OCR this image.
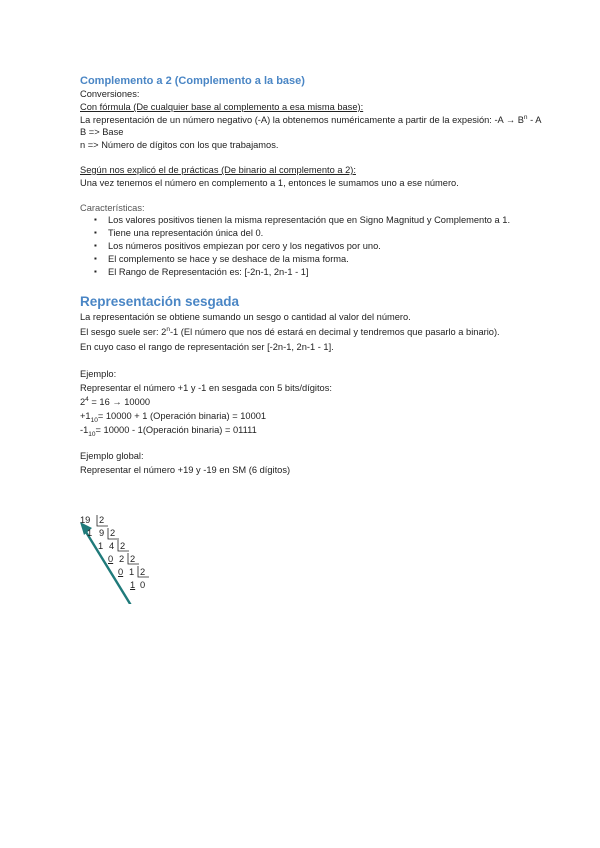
Complemento a 2 (Complemento a la base)
Conversiones:
Con fórmula (De cualquier base al complemento a esa misma base):
La representación de un número negativo (-A) la obtenemos numéricamente a partir de la expesión: $-A \to B^n - A$
B => Base
n => Número de dígitos con los que trabajamos.
Según nos explicó el de prácticas (De binario al complemento a 2):
Una vez tenemos el número en complemento a 1, entonces le sumamos uno a ese número.
Características:
▪ Los valores positivos tienen la misma representación que en Signo Magnitud y Complemento a 1.
▪ Tiene una representación única del 0.
▪ Los números positivos empiezan por cero y los negativos por uno.
▪ El complemento se hace y se deshace de la misma forma.
▪ El Rango de Representación es: [-2n-1, 2n-1 - 1]
Representación sesgada
La representación se obtiene sumando un sesgo o cantidad al valor del número.
El sesgo suele ser: 2$^n$-1 (El número que nos dé estará en decimal y tendremos que pasarlo a binario).
En cuyo caso el rango de representación ser [-2n-1, 2n-1 - 1].
Ejemplo:
Representar el número +1 y -1 en sesgada con 5 bits/dígitos:
$2^4 = 16 \to 10000$
$+1_{10}= 10000 + 1$ (Operación binaria) = 10001
$-1_{10}= 10000$ - 1(Operación binaria) = 01111
Ejemplo global:
Representar el número +19 y -19 en SM (6 dígitos)
19 2
1 9 2
1 4 2
0 2 2
0 1 2
1 0
